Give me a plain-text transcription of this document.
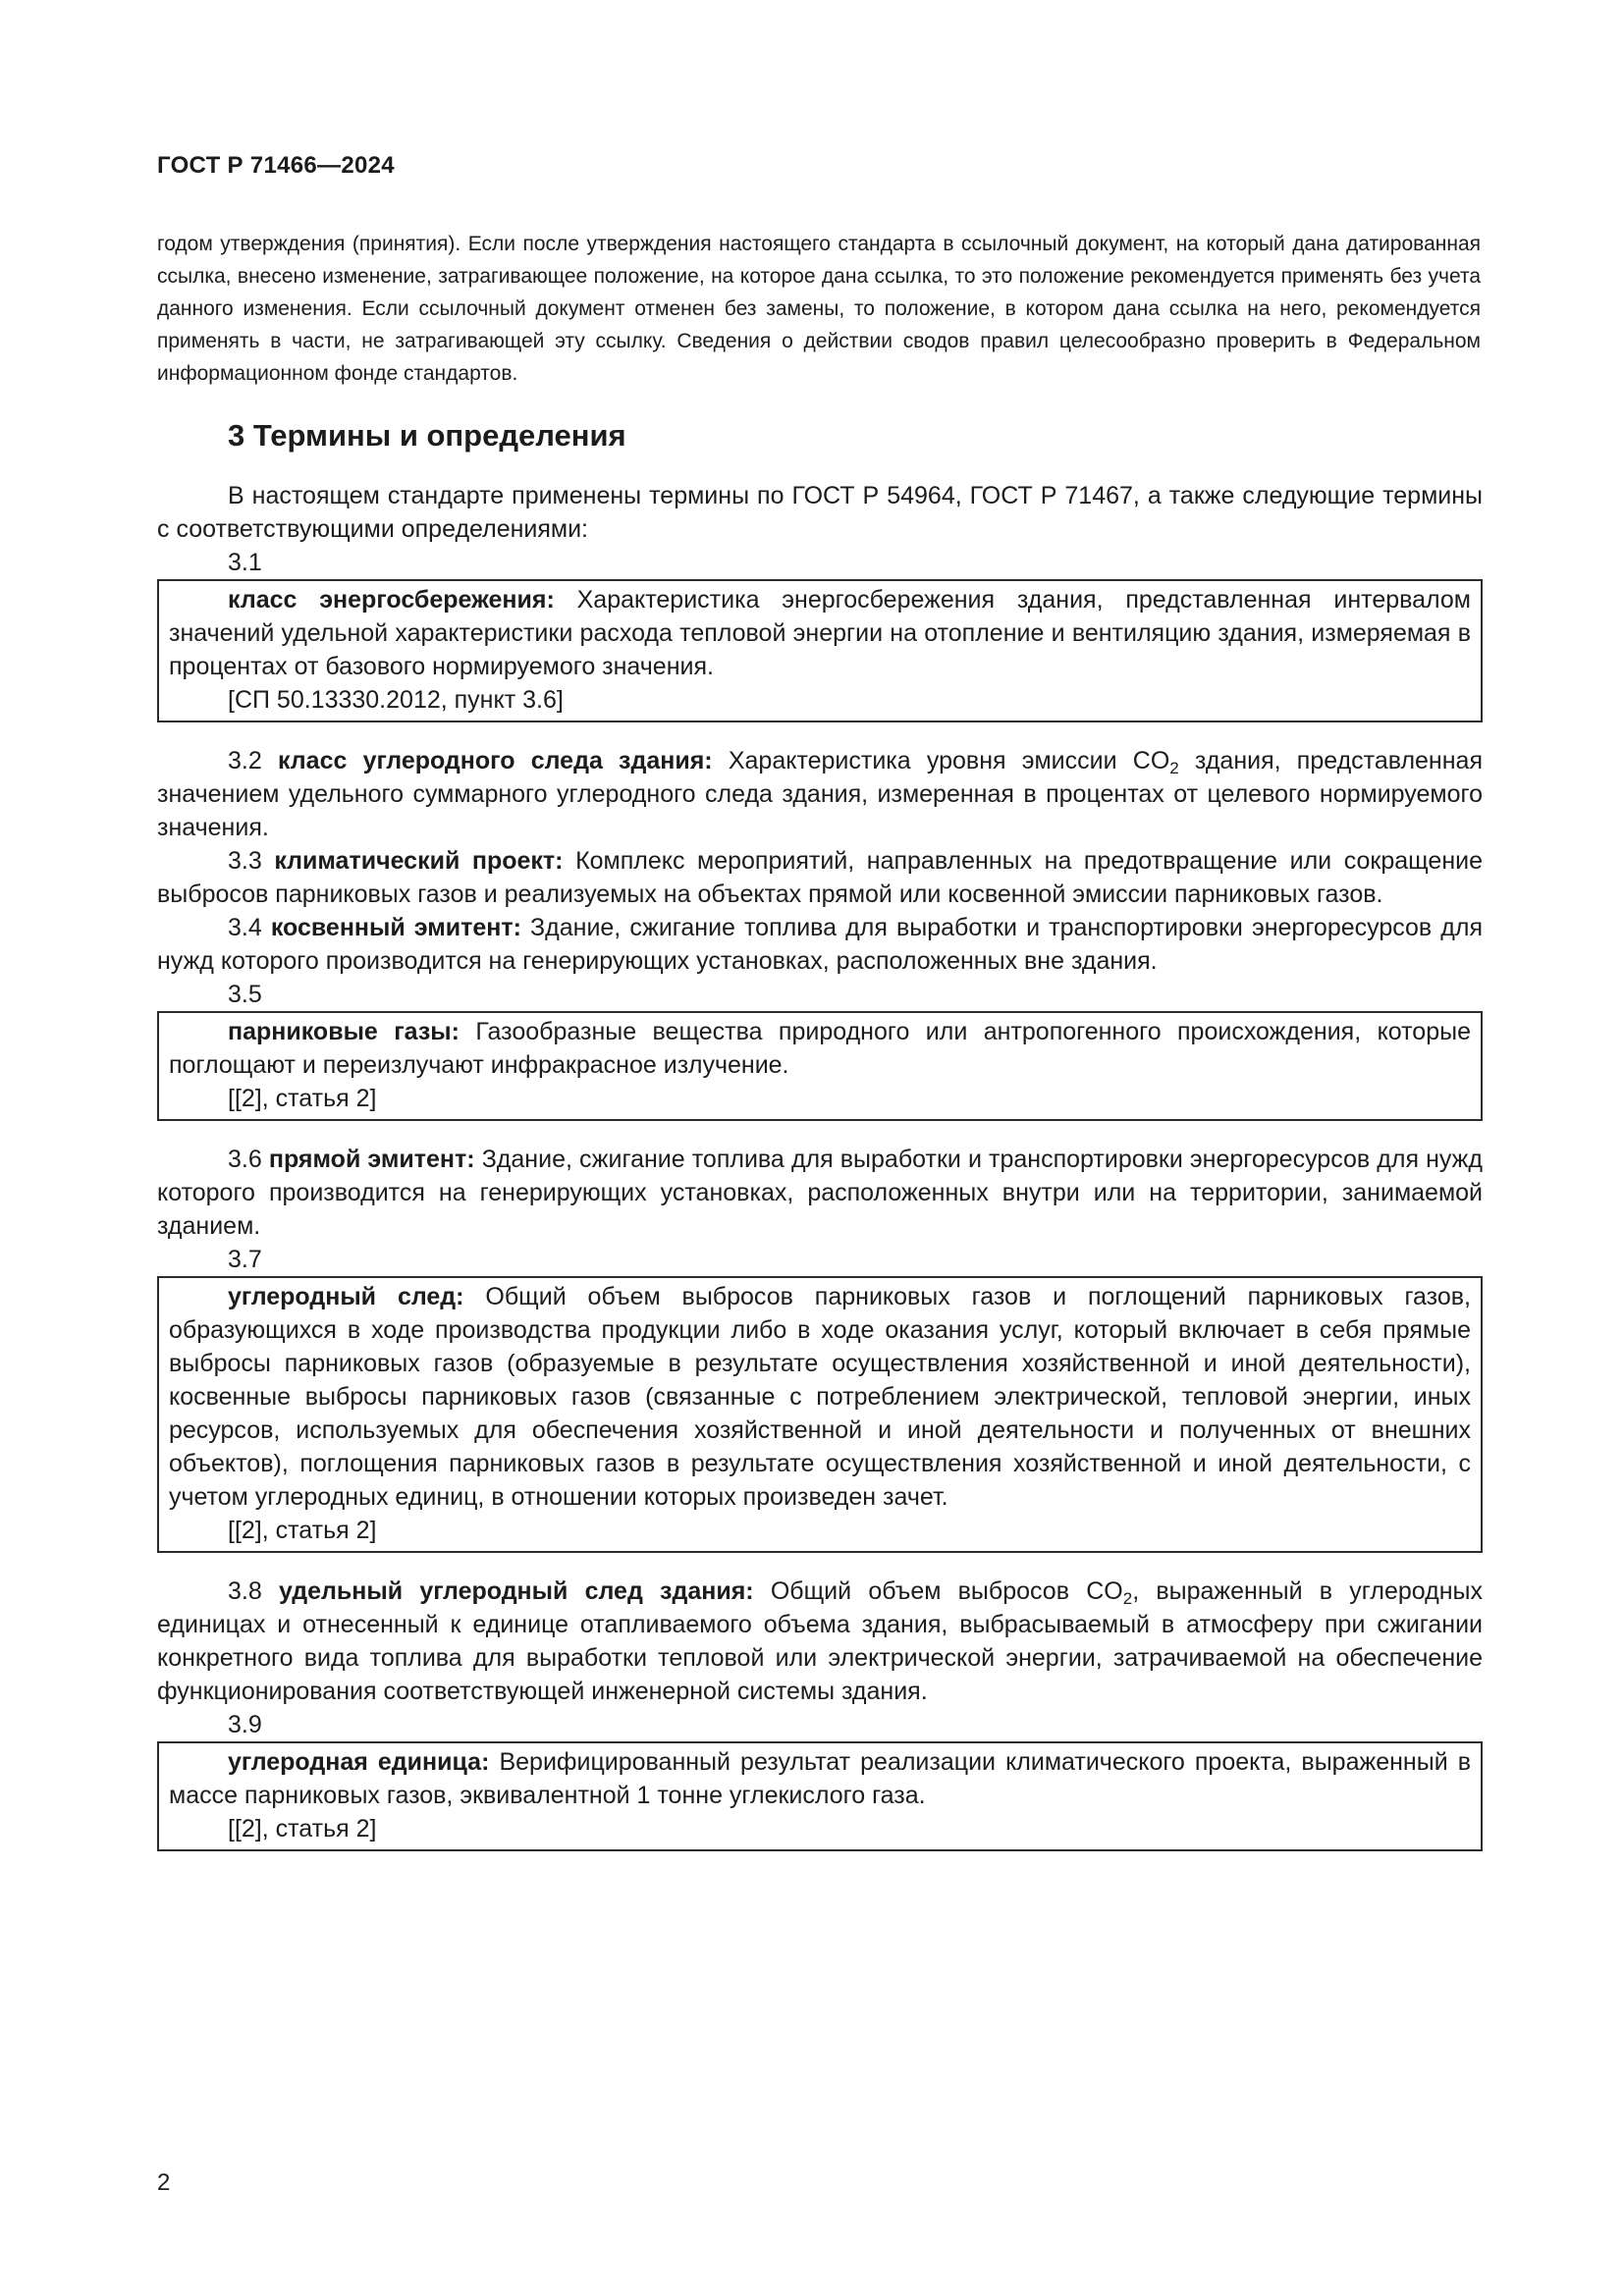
ГОСТ Р 71466—2024

годом утверждения (принятия). Если после утверждения настоящего стандарта в ссылочный документ, на который дана датированная ссылка, внесено изменение, затрагивающее положение, на которое дана ссылка, то это положение рекомендуется применять без учета данного изменения. Если ссылочный документ отменен без замены, то положение, в котором дана ссылка на него, рекомендуется применять в части, не затрагивающей эту ссылку. Сведения о действии сводов правил целесообразно проверить в Федеральном информационном фонде стандартов.

3 Термины и определения

В настоящем стандарте применены термины по ГОСТ Р 54964, ГОСТ Р 71467, а также следующие термины с соответствующими определениями:

3.1

класс энергосбережения: Характеристика энергосбережения здания, представленная интервалом значений удельной характеристики расхода тепловой энергии на отопление и вентиляцию здания, измеряемая в процентах от базового нормируемого значения.

[СП 50.13330.2012, пункт 3.6]

3.2 класс углеродного следа здания: Характеристика уровня эмиссии $CO_2$ здания, представленная значением удельного суммарного углеродного следа здания, измеренная в процентах от целевого нормируемого значения.

3.3 климатический проект: Комплекс мероприятий, направленных на предотвращение или сокращение выбросов парниковых газов и реализуемых на объектах прямой или косвенной эмиссии парниковых газов.

3.4 косвенный эмитент: Здание, сжигание топлива для выработки и транспортировки энергоресурсов для нужд которого производится на генерирующих установках, расположенных вне здания.

3.5

парниковые газы: Газообразные вещества природного или антропогенного происхождения, которые поглощают и переизлучают инфракрасное излучение.

[[2], статья 2]

3.6 прямой эмитент: Здание, сжигание топлива для выработки и транспортировки энергоресурсов для нужд которого производится на генерирующих установках, расположенных внутри или на территории, занимаемой зданием.

3.7

углеродный след: Общий объем выбросов парниковых газов и поглощений парниковых газов, образующихся в ходе производства продукции либо в ходе оказания услуг, который включает в себя прямые выбросы парниковых газов (образуемые в результате осуществления хозяйственной и иной деятельности), косвенные выбросы парниковых газов (связанные с потреблением электрической, тепловой энергии, иных ресурсов, используемых для обеспечения хозяйственной и иной деятельности и полученных от внешних объектов), поглощения парниковых газов в результате осуществления хозяйственной и иной деятельности, с учетом углеродных единиц, в отношении которых произведен зачет.

[[2], статья 2]

3.8 удельный углеродный след здания: Общий объем выбросов $CO_2$, выраженный в углеродных единицах и отнесенный к единице отапливаемого объема здания, выбрасываемый в атмосферу при сжигании конкретного вида топлива для выработки тепловой или электрической энергии, затрачиваемой на обеспечение функционирования соответствующей инженерной системы здания.

3.9

углеродная единица: Верифицированный результат реализации климатического проекта, выраженный в массе парниковых газов, эквивалентной 1 тонне углекислого газа.

[[2], статья 2]
2
